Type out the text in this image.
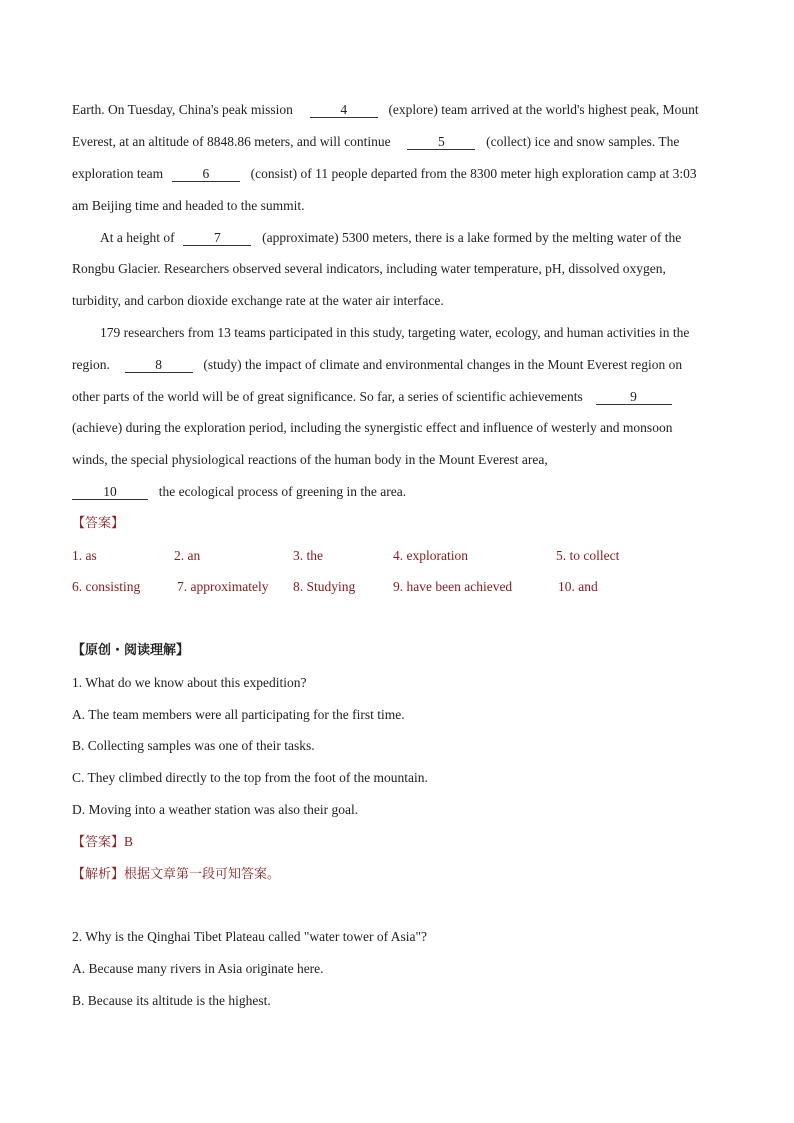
Earth. On Tuesday, China's peak mission	4	(explore) team arrived at the world's highest peak, Mount
Everest, at an altitude of 8848.86 meters, and will continue	5	(collect) ice and snow samples. The
exploration team	6	(consist) of 11 people departed from the 8300 meter high exploration camp at 3:03
am Beijing time and headed to the summit.
At a height of	7	(approximate) 5300 meters, there is a lake formed by the melting water of the
Rongbu Glacier. Researchers observed several indicators, including water temperature, pH, dissolved oxygen,
turbidity, and carbon dioxide exchange rate at the water air interface.
179 researchers from 13 teams participated in this study, targeting water, ecology, and human activities in the
region.	8	(study) the impact of climate and environmental changes in the Mount Everest region on
other parts of the world will be of great significance. So far, a series of scientific achievements	9
(achieve) during the exploration period, including the synergistic effect and influence of westerly and monsoon
winds, the special physiological reactions of the human body in the Mount Everest area,
10	the ecological process of greening in the area.
【答案】
1. as	2. an	3. the	4. exploration	5. to collect
6. consisting	7. approximately 8. Studying	9. have been achieved	10. and
【原创・阅读理解】
1. What do we know about this expedition?
A. The team members were all participating for the first time.
B. Collecting samples was one of their tasks.
C. They climbed directly to the top from the foot of the mountain.
D. Moving into a weather station was also their goal.
【答案】B
【解析】根据文章第一段可知答案。
2. Why is the Qinghai Tibet Plateau called "water tower of Asia"?
A. Because many rivers in Asia originate here.
B. Because its altitude is the highest.
